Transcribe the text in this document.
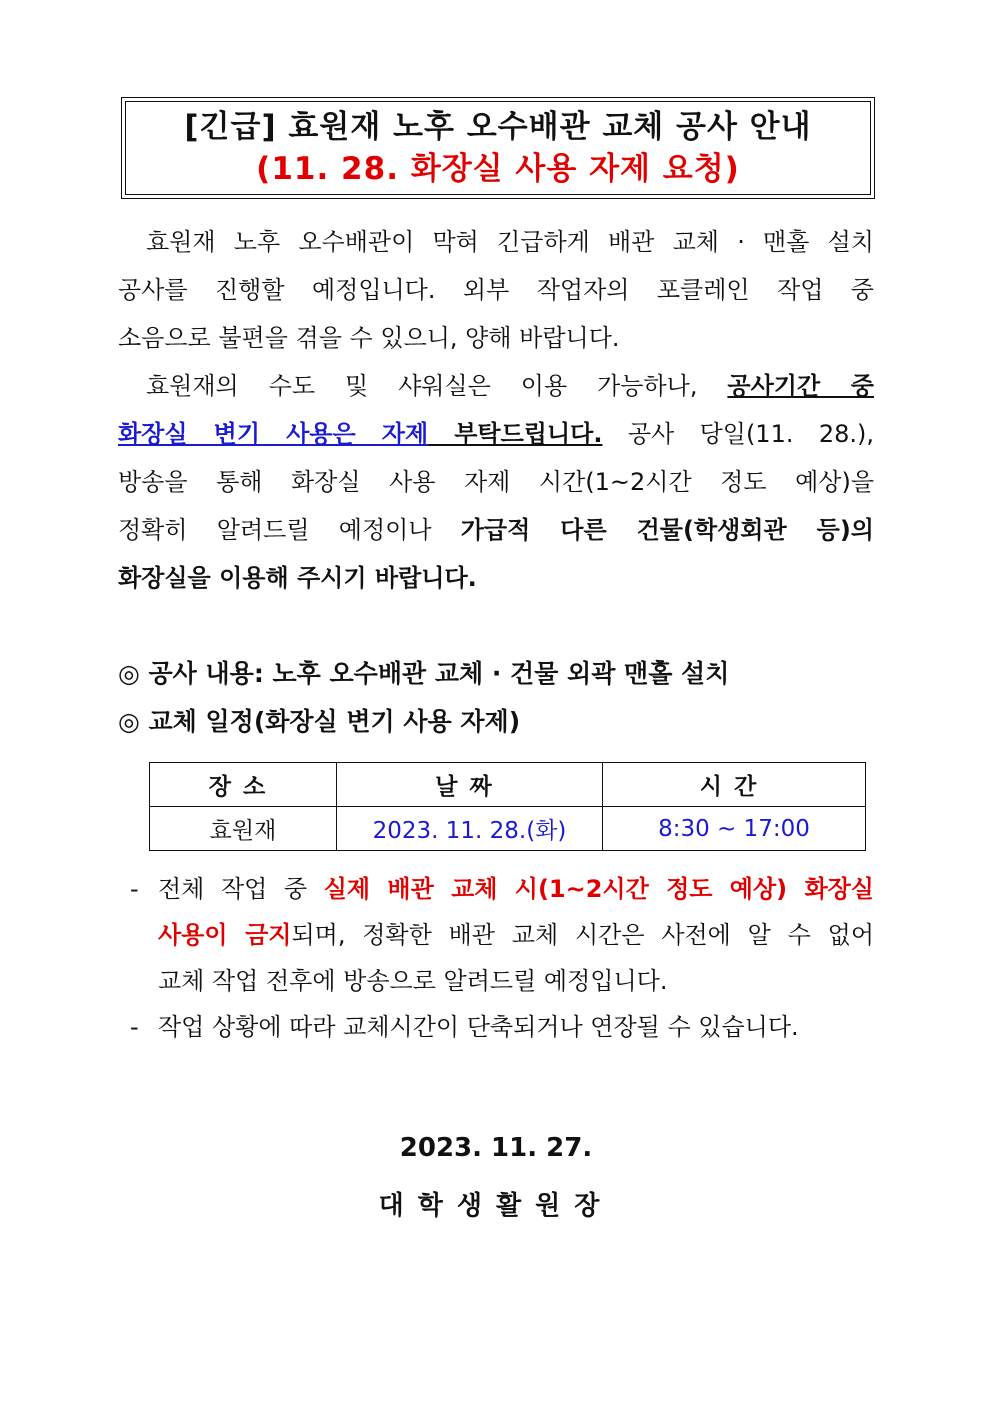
[긴급] 효원재 노후 오수배관 교체 공사 안내
(11. 28. 화장실 사용 자제 요청)
효원재 노후 오수배관이 막혀 긴급하게 배관 교체 · 맨홀 설치
공사를 진행할 예정입니다. 외부 작업자의 포클레인 작업 중
소음으로 불편을 겪을 수 있으니, 양해 바랍니다.
효원재의 수도 및 샤워실은 이용 가능하나, 공사기간 중
화장실 변기 사용은 자제 부탁드립니다. 공사 당일(11. 28.),
방송을 통해 화장실 사용 자제 시간(1~2시간 정도 예상)을
정확히 알려드릴 예정이나 가급적 다른 건물(학생회관 등)의
화장실을 이용해 주시기 바랍니다.
◎ 공사 내용: 노후 오수배관 교체 · 건물 외곽 맨홀 설치
◎ 교체 일정(화장실 변기 사용 자제)
장소	날짜	시간
효원재	2023. 11. 28.(화)	8:30 ~ 17:00
- 전체 작업 중 실제 배관 교체 시(1~2시간 정도 예상) 화장실
사용이 금지되며, 정확한 배관 교체 시간은 사전에 알 수 없어
교체 작업 전후에 방송으로 알려드릴 예정입니다.
- 작업 상황에 따라 교체시간이 단축되거나 연장될 수 있습니다.
2023. 11. 27.
대학생활원장
